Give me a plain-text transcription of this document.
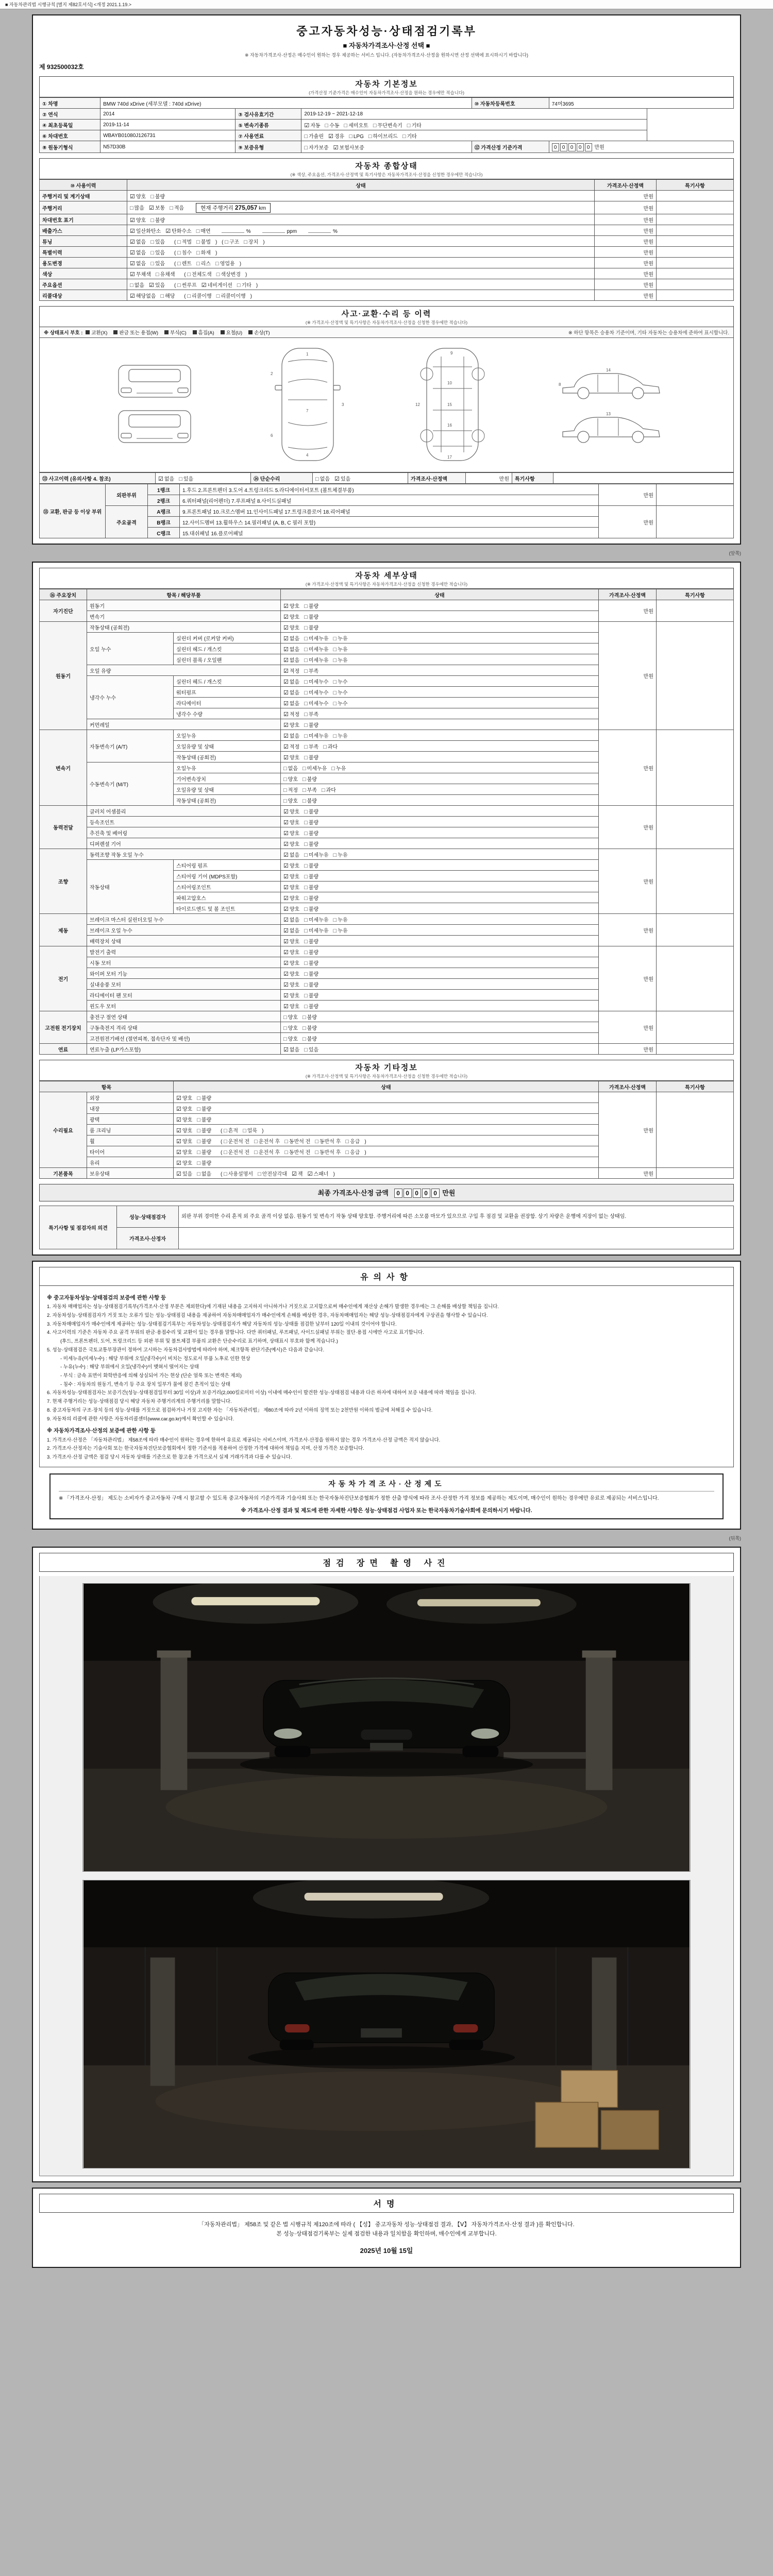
■ 자동차관리법 시행규칙 [별지 제82호서식] <개정 2021.1.19.>
중고자동차성능·상태점검기록부
■ 자동차가격조사·산정 선택 ■
※ 자동차가격조사·산정은 매수인이 원하는 경우 제공하는 서비스 입니다. (자동차가격조사·산정을 원하시면 산정 선택에 표시하시기 바랍니다)
제 932500032호
자동차 기본정보
(가격산정 기준가격은 매수인이 자동차가격조사·산정을 원하는 경우에만 적습니다)
① 차명	BMW 740d xDrive (세부모델 : 740d xDrive)			⑩ 자동차등록번호	74머3695
② 연식	2014	③ 검사유효기간	2019-12-19 ~ 2021-12-18		
④ 최초등록일	2019-11-14	⑤ 변속기종류	☑ 자동 □ 수동 □ 세미오토 □ 무단변속기 □ 기타		
⑥ 차대번호	WBAYB01080J126731	⑦ 사용연료	□ 가솔린 ☑ 경유 □ LPG □ 하이브리드 □ 기타		
⑧ 원동기형식	N57D30B	⑨ 보증유형	□ 자가보증 ☑ 보험사보증	⑫ 가격산정 기준가격	0 0 0 0 0 만원
자동차 종합상태
(※ 색상, 주요옵션, 가격조사·산정액 및 특기사항은 자동차가격조사·산정을 신청한 경우에만 적습니다)
⑩ 사용이력	상태	가격조사·산정액	특기사항
주행거리 및 계기상태	☑ 양호 □ 불량	만원	
주행거리	□ 많음 ☑ 보통 □ 적음 현재 주행거리 275,057 km	만원	
차대번호 표기	☑ 양호 □ 불량	만원	
배출가스	☑ 일산화탄소 ☑ 탄화수소 □ 매연 % ppm %	만원	
튜닝	☑ 없음 □ 있음 ( □ 적법 □ 불법 ) ( □ 구조 □ 장치 )	만원	
특별이력	☑ 없음 □ 있음 ( □ 침수 □ 화재 )	만원	
용도변경	☑ 없음 □ 있음 ( □ 렌트 □ 리스 □ 영업용 )	만원	
색상	☑ 무채색 □ 유채색 ( □ 전체도색 □ 색상변경 )	만원	
주요옵션	□ 없음 ☑ 있음 ( □ 썬루프 ☑ 네비게이션 □ 기타 )	만원	
리콜대상	☑ 해당없음 □ 해당 ( □ 리콜이행 □ 리콜미이행 )	만원	
사고·교환·수리 등 이력
(※ 가격조사·산정액 및 특기사항은 자동차가격조사·산정을 신청한 경우에만 적습니다)
※ 상태표시 부호 : 교환(X) 판금 또는 용접(W) 부식(C) 흠집(A) 요철(U) 손상(T)	※ 하단 항목은 승용차 기준이며, 기타 자동차는 승용차에 준하여 표시합니다.
1
2
3
7
4
6
9
10
12	15
16
17
14
13
8
⑬ 사고이력 (유의사항 4. 참조)	☑ 없음 □ 있음	⑭ 단순수리	□ 없음 ☑ 있음	가격조사·산정액	만원	특기사항	
⑮ 교환, 판금 등 이상 부위	외판부위	1랭크	1.후드 2.프론트펜더 3.도어 4.트렁크리드 5.라디에이터서포트 (볼트체결부품)	만원	
		2랭크	6.쿼터패널(리어펜더) 7.루프패널 8.사이드실패널		
	주요골격	A랭크	9.프론트패널 10.크로스멤버 11.인사이드패널 17.트렁크플로어 18.리어패널	만원	
		B랭크	12.사이드멤버 13.휠하우스 14.필러패널 (A, B, C 필러 포함)		
		C랭크	15.대쉬패널 16.플로어패널		
(앞쪽)
자동차 세부상태
(※ 가격조사·산정액 및 특기사항은 자동차가격조사·산정을 신청한 경우에만 적습니다)
⑯ 주요장치	항목 / 해당부품		상태	가격조사·산정액	특기사항
자기진단	원동기		☑ 양호 □ 불량	만원	
	변속기		☑ 양호 □ 불량		
원동기	작동상태 (공회전)		☑ 양호 □ 불량	만원	
	오일 누수	실린더 커버 (로커암 커버)	☑ 없음 □ 미세누유 □ 누유		
		실린더 헤드 / 개스킷	☑ 없음 □ 미세누유 □ 누유		
		실린더 블록 / 오일팬	☑ 없음 □ 미세누유 □ 누유		
	오일 유량		☑ 적정 □ 부족		
	냉각수 누수	실린더 헤드 / 개스킷	☑ 없음 □ 미세누수 □ 누수		
		워터펌프	☑ 없음 □ 미세누수 □ 누수		
		라디에이터	☑ 없음 □ 미세누수 □ 누수		
		냉각수 수량	☑ 적정 □ 부족		
	커먼레일		☑ 양호 □ 불량		
변속기	자동변속기 (A/T)	오일누유	☑ 없음 □ 미세누유 □ 누유	만원	
		오일유량 및 상태	☑ 적정 □ 부족 □ 과다		
		작동상태 (공회전)	☑ 양호 □ 불량		
	수동변속기 (M/T)	오일누유	□ 없음 □ 미세누유 □ 누유		
		기어변속장치	□ 양호 □ 불량		
		오일유량 및 상태	□ 적정 □ 부족 □ 과다		
		작동상태 (공회전)	□ 양호 □ 불량		
동력전달	클러치 어셈블리		☑ 양호 □ 불량	만원	
	등속조인트		☑ 양호 □ 불량		
	추진축 및 베어링		☑ 양호 □ 불량		
	디퍼렌셜 기어		☑ 양호 □ 불량		
조향	동력조향 작동 오일 누수		☑ 없음 □ 미세누유 □ 누유	만원	
	작동상태	스티어링 펌프	☑ 양호 □ 불량		
		스티어링 기어 (MDPS포함)	☑ 양호 □ 불량		
		스티어링조인트	☑ 양호 □ 불량		
		파워고압호스	☑ 양호 □ 불량		
		타이로드엔드 및 볼 조인트	☑ 양호 □ 불량		
제동	브레이크 마스터 실린더오일 누수		☑ 없음 □ 미세누유 □ 누유	만원	
	브레이크 오일 누수		☑ 없음 □ 미세누유 □ 누유		
	배력장치 상태		☑ 양호 □ 불량		
전기	발전기 출력		☑ 양호 □ 불량	만원	
	시동 모터		☑ 양호 □ 불량		
	와이퍼 모터 기능		☑ 양호 □ 불량		
	실내송풍 모터		☑ 양호 □ 불량		
	라디에이터 팬 모터		☑ 양호 □ 불량		
	윈도우 모터		☑ 양호 □ 불량		
고전원 전기장치	충전구 절연 상태		□ 양호 □ 불량	만원	
	구동축전지 격리 상태		□ 양호 □ 불량		
	고전원전기배선 (절연피복, 접속단자 및 배선)		□ 양호 □ 불량		
연료	연료누출 (LP가스포함)		☑ 없음 □ 있음	만원	
자동차 기타정보
(※ 가격조사·산정액 및 특기사항은 자동차가격조사·산정을 신청한 경우에만 적습니다)
항목		상태	가격조사·산정액	특기사항
수리필요	외장	☑ 양호 □ 불량	만원	
	내장	☑ 양호 □ 불량		
	광택	☑ 양호 □ 불량		
	룸 크리닝	☑ 양호 □ 불량 ( □ 흔적 □ 얼룩 )		
	휠	☑ 양호 □ 불량 ( □ 운전석 전 □ 운전석 후 □ 동반석 전 □ 동반석 후 □ 응급 )		
	타이어	☑ 양호 □ 불량 ( □ 운전석 전 □ 운전석 후 □ 동반석 전 □ 동반석 후 □ 응급 )		
	유리	☑ 양호 □ 불량		
기본품목	보유상태	☑ 있음 □ 없음 ( □ 사용설명서 □ 안전삼각대 ☑ 잭 ☑ 스패너 )	만원	
최종 가격조사·산정 금액 0 0 0 0 0 만원
특기사항 및 점검자의 의견	성능·상태점검자	외판 부위 경미한 수리 흔적 외 주요 골격 이상 없음. 원동기 및 변속기 작동 상태 양호함. 주행거리에 따른 소모품 마모가 있으므로 구입 후 점검 및 교환을 권장함. 상기 차량은 운행에 지장이 없는 상태임.
	가격조사·산정자	
유의사항
※ 중고자동차성능·상태점검의 보증에 관한 사항 등
1. 자동차 매매업자는 성능·상태점검기록부(가격조사·산정 부분은 제외한다)에 기재된 내용을 고지하지 아니하거나 거짓으로 고지함으로써 매수인에게 재산상 손해가 발생한 경우에는 그 손해를 배상할 책임을 집니다.
2. 자동차성능·상태점검자가 거짓 또는 오류가 있는 성능·상태점검 내용을 제공하여 자동차매매업자가 매수인에게 손해를 배상한 경우, 자동차매매업자는 해당 성능·상태점검자에게 구상권을 행사할 수 있습니다.
3. 자동차매매업자가 매수인에게 제공하는 성능·상태점검기록부는 자동차성능·상태점검자가 해당 자동차의 성능·상태를 점검한 날부터 120일 이내의 것이어야 합니다.
4. 사고이력의 기준은 자동차 주요 골격 부위의 판금·용접수리 및 교환이 있는 경우를 말합니다. 다만 쿼터패널, 루프패널, 사이드실패널 부위는 절단·용접 시에만 사고로 표기합니다.
(후드, 프론트펜더, 도어, 트렁크리드 등 외판 부위 및 볼트체결 부품의 교환은 단순수리로 표기하며, 상태표시 부호와 함께 적습니다.)
5. 성능·상태점검은 국토교통부장관이 정하여 고시하는 자동차검사방법에 따라야 하며, 체크항목 판단기준(예시)은 다음과 같습니다.
- 미세누유(미세누수) : 해당 부위에 오일(냉각수)이 비치는 정도로서 부품 노후로 인한 현상
- 누유(누수) : 해당 부위에서 오일(냉각수)이 맺혀서 떨어지는 상태
- 부식 : 금속 표면이 화학반응에 의해 상실되어 가는 현상 (단순 얼룩 또는 변색은 제외)
- 침수 : 자동차의 원동기, 변속기 등 주요 장치 일부가 물에 잠긴 흔적이 있는 상태
6. 자동차성능·상태점검자는 보증기간(성능·상태점검일부터 30일 이상)과 보증거리(2,000킬로미터 이상) 이내에 매수인이 발견한 성능·상태점검 내용과 다른 하자에 대하여 보증 내용에 따라 책임을 집니다.
7. 현재 주행거리는 성능·상태점검 당시 해당 자동차 주행거리계의 주행거리를 말합니다.
8. 중고자동차의 구조·장치 등의 성능·상태를 거짓으로 점검하거나 거짓 고지한 자는 「자동차관리법」 제80조에 따라 2년 이하의 징역 또는 2천만원 이하의 벌금에 처해질 수 있습니다.
9. 자동차의 리콜에 관한 사항은 자동차리콜센터(www.car.go.kr)에서 확인할 수 있습니다.
※ 자동차가격조사·산정의 보증에 관한 사항 등
1. 가격조사·산정은 「자동차관리법」 제58조에 따라 매수인이 원하는 경우에 한하여 유료로 제공되는 서비스이며, 가격조사·산정을 원하지 않는 경우 가격조사·산정 금액은 적지 않습니다.
2. 가격조사·산정자는 기술사회 또는 한국자동차진단보증협회에서 정한 기준서를 적용하여 산정한 가격에 대하여 책임을 지며, 산정 가격은 보증합니다.
3. 가격조사·산정 금액은 점검 당시 자동차 상태를 기준으로 한 참고용 가격으로서 실제 거래가격과 다를 수 있습니다.
자동차가격조사·산정제도
※ 「가격조사·산정」 제도는 소비자가 중고자동차 구매 시 참고할 수 있도록 중고자동차의 기준가격과 기술사회 또는 한국자동차진단보증협회가 정한 산출 방식에 따라 조사·산정한 가격 정보를 제공하는 제도이며, 매수인이 원하는 경우에만 유료로 제공되는 서비스입니다.
※ 가격조사·산정 결과 및 제도에 관한 자세한 사항은 성능·상태점검 사업자 또는 한국자동차기술사회에 문의하시기 바랍니다.
(뒤쪽)
점검 장면 촬영 사진
서명
「자동차관리법」 제58조 및 같은 법 시행규칙 제120조에 따라 ( 【성】 중고자동차 성능·상태점검 결과, 【Ⅴ】 자동차가격조사·산정 결과 )를 확인합니다.
본 성능·상태점검기록부는 실제 점검한 내용과 일치함을 확인하며, 매수인에게 교부합니다.
2025년 10월 15일
